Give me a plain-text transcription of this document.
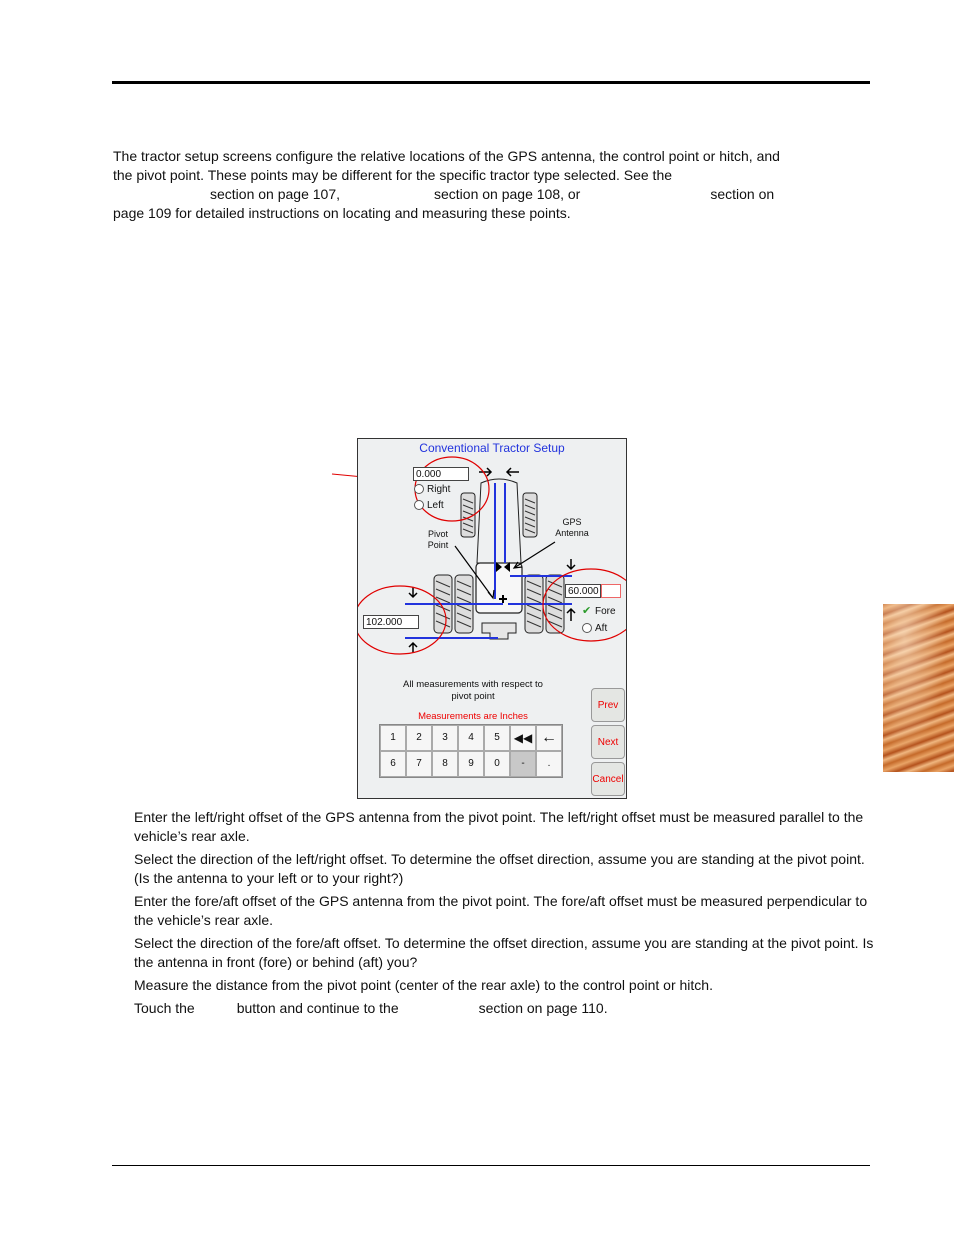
The tractor setup screens configure the relative locations of the GPS antenna, the control point or hitch, and
the pivot point. These points may be different for the specific tractor type selected. See the
section on page 107,	section on page 108, or	section on
page 109 for detailed instructions on locating and measuring these points.
Conventional Tractor Setup
0.000
Right
Left
Pivot
Point
GPS
Antenna
60.000
✔ Fore
Aft
102.000
All measurements with respect to
pivot point
Measurements are Inches
1	2	3	4	5	◀◀ ←
6	7	8	9	0	-	.
Prev
Next
Cancel
Enter the left/right offset of the GPS antenna from the pivot point. The left/right offset must be measured parallel to the vehicle’s rear axle.
Select the direction of the left/right offset. To determine the offset direction, assume you are standing at the pivot point. (Is the antenna to your left or to your right?)
Enter the fore/aft offset of the GPS antenna from the pivot point. The fore/aft offset must be measured perpendicular to the vehicle’s rear axle.
Select the direction of the fore/aft offset. To determine the offset direction, assume you are standing at the pivot point. Is the antenna in front (fore) or behind (aft) you?
Measure the distance from the pivot point (center of the rear axle) to the control point or hitch.
Touch the	button and continue to the	section on page 110.
